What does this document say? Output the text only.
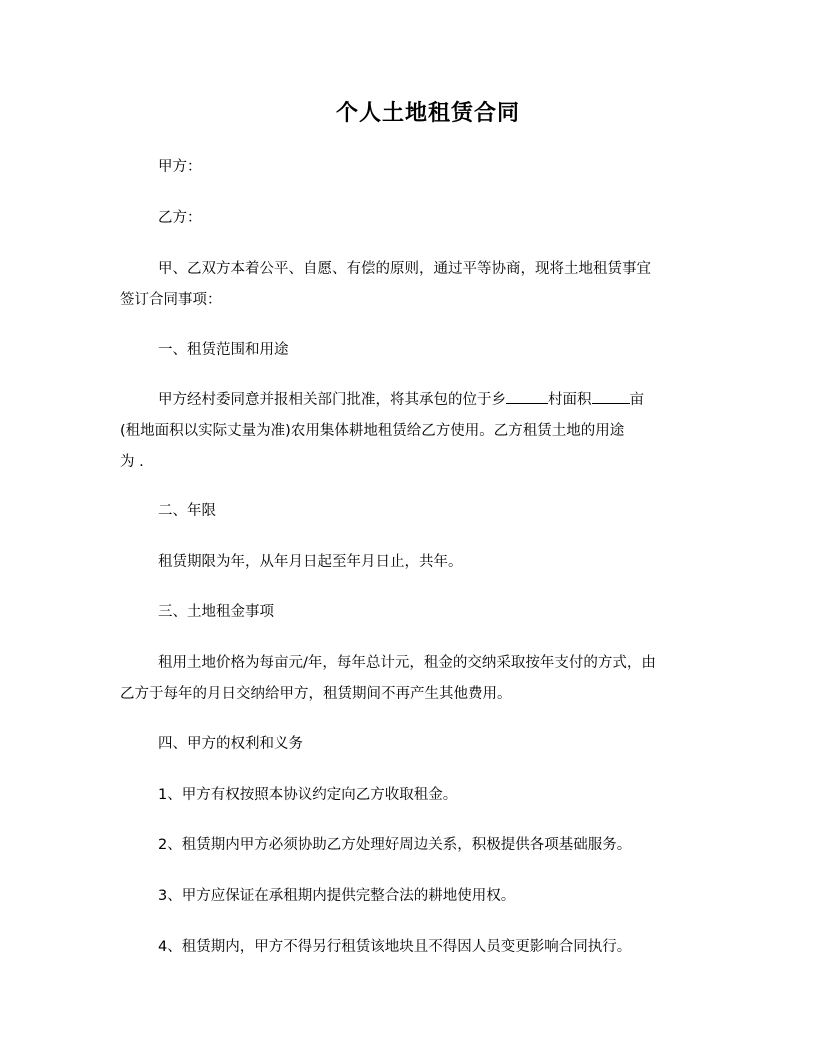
个人土地租赁合同
甲方：
乙方：
甲、乙双方本着公平、自愿、有偿的原则，通过平等协商，现将土地租赁事宜
签订合同事项：
一、租赁范围和用途
甲方经村委同意并报相关部门批准，将其承包的位于乡	村面积	亩
(租地面积以实际丈量为准)农用集体耕地租赁给乙方使用。乙方租赁土地的用途
为 .
二、年限
租赁期限为年，从年月日起至年月日止，共年。
三、土地租金事项
租用土地价格为每亩元/年，每年总计元，租金的交纳采取按年支付的方式，由
乙方于每年的月日交纳给甲方，租赁期间不再产生其他费用。
四、甲方的权利和义务
1、甲方有权按照本协议约定向乙方收取租金。
2、租赁期内甲方必须协助乙方处理好周边关系，积极提供各项基础服务。
3、甲方应保证在承租期内提供完整合法的耕地使用权。
4、租赁期内，甲方不得另行租赁该地块且不得因人员变更影响合同执行。
